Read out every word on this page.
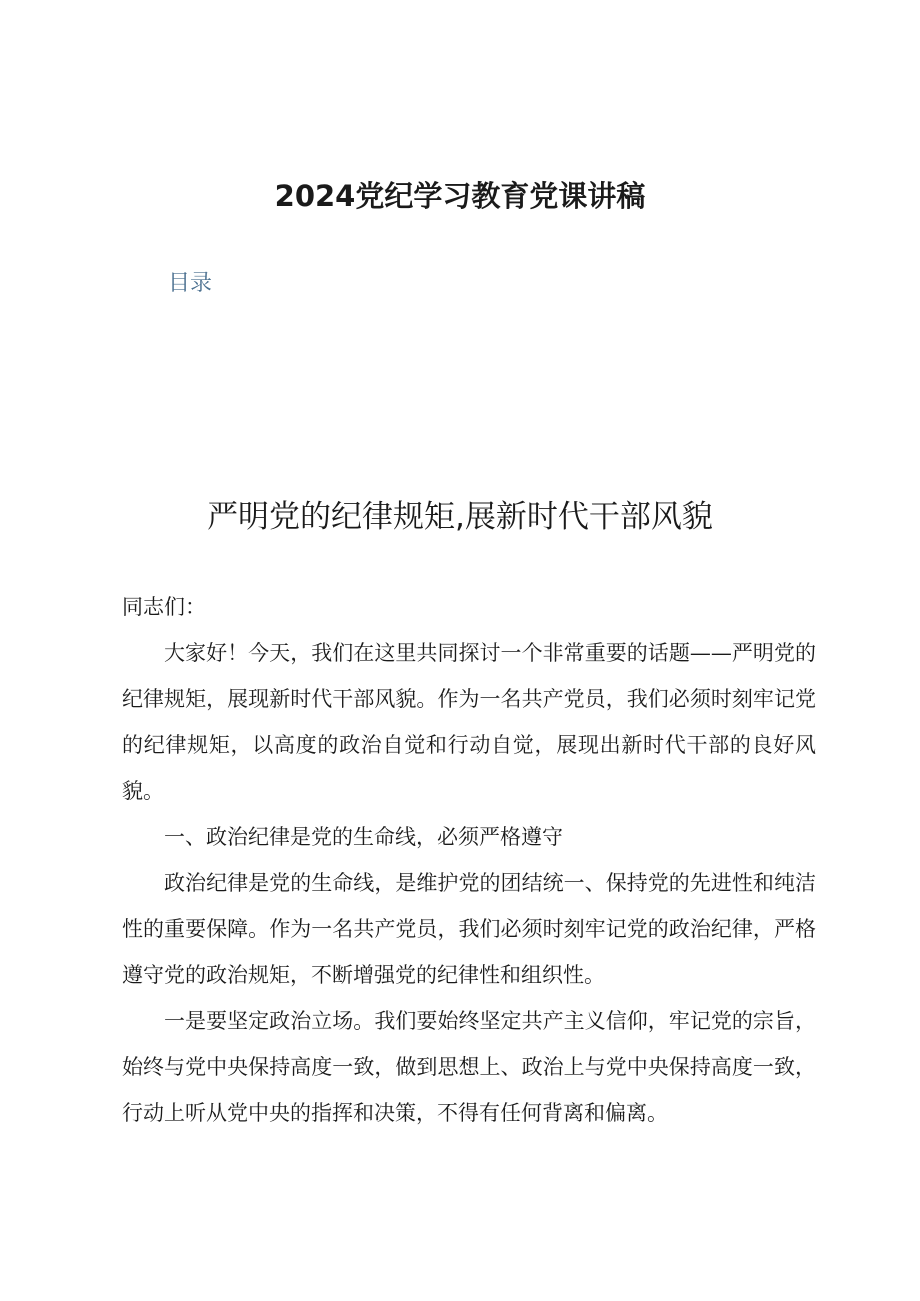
2024党纪学习教育党课讲稿
目录
严明党的纪律规矩,展新时代干部风貌

同志们：

大家好！今天，我们在这里共同探讨一个非常重要的话题——严明党的纪律规矩，展现新时代干部风貌。作为一名共产党员，我们必须时刻牢记党的纪律规矩，以高度的政治自觉和行动自觉，展现出新时代干部的良好风貌。

一、政治纪律是党的生命线，必须严格遵守

政治纪律是党的生命线，是维护党的团结统一、保持党的先进性和纯洁性的重要保障。作为一名共产党员，我们必须时刻牢记党的政治纪律，严格遵守党的政治规矩，不断增强党的纪律性和组织性。

一是要坚定政治立场。我们要始终坚定共产主义信仰，牢记党的宗旨，始终与党中央保持高度一致，做到思想上、政治上与党中央保持高度一致，行动上听从党中央的指挥和决策，不得有任何背离和偏离。
